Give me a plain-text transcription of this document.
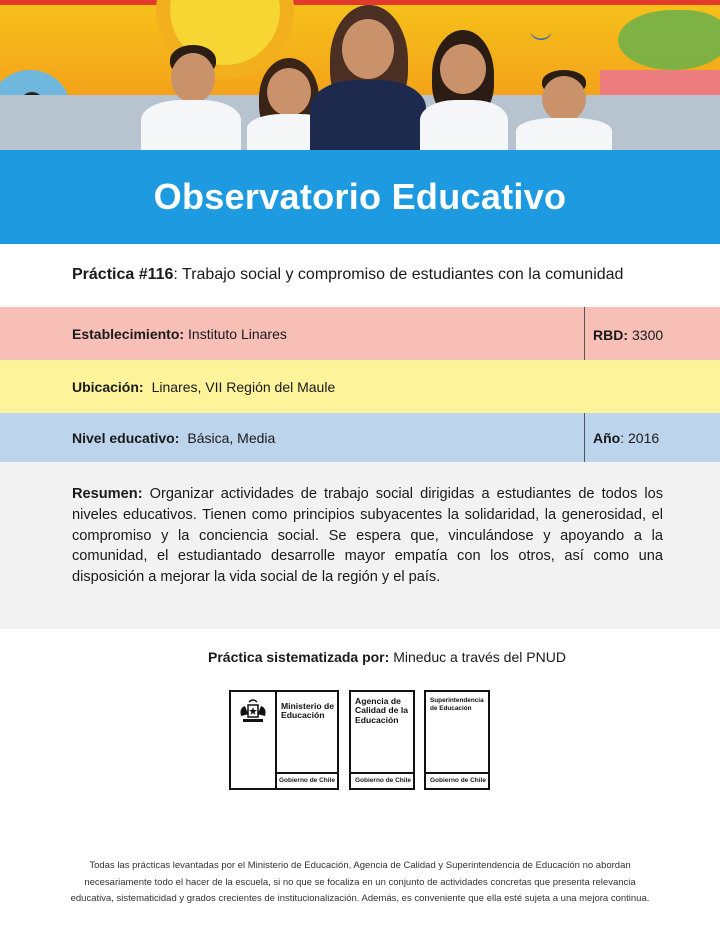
︶
Observatorio Educativo
Práctica #116: Trabajo social y compromiso de estudiantes con la comunidad
Establecimiento: Instituto Linares	RBD: 3300
Ubicación: Linares, VII Región del Maule
Nivel educativo: Básica, Media	Año : 2016

Resumen: Organizar actividades de trabajo social dirigidas a estudiantes de todos los niveles educativos. Tienen como principios subyacentes la solidaridad, la generosidad, el compromiso y la conciencia social. Se espera que, vinculándose y apoyando a la comunidad, el estudiantado desarrolle mayor empatía con los otros, así como una disposición a mejorar la vida social de la región y el país.

Práctica sistematizada por: Mineduc a través del PNUD
Ministerio de Educación
Gobierno de Chile
Agencia de Calidad de la Educación
Gobierno de Chile
Superintendencia de Educación
Gobierno de Chile
Todas las prácticas levantadas por el Ministerio de Educación, Agencia de Calidad y Superintendencia de Educación no abordan
necesariamente todo el hacer de la escuela, si no que se focaliza en un conjunto de actividades concretas que presenta relevancia
educativa, sistematicidad y grados crecientes de institucionalización. Además, es conveniente que ella esté sujeta a una mejora continua.
